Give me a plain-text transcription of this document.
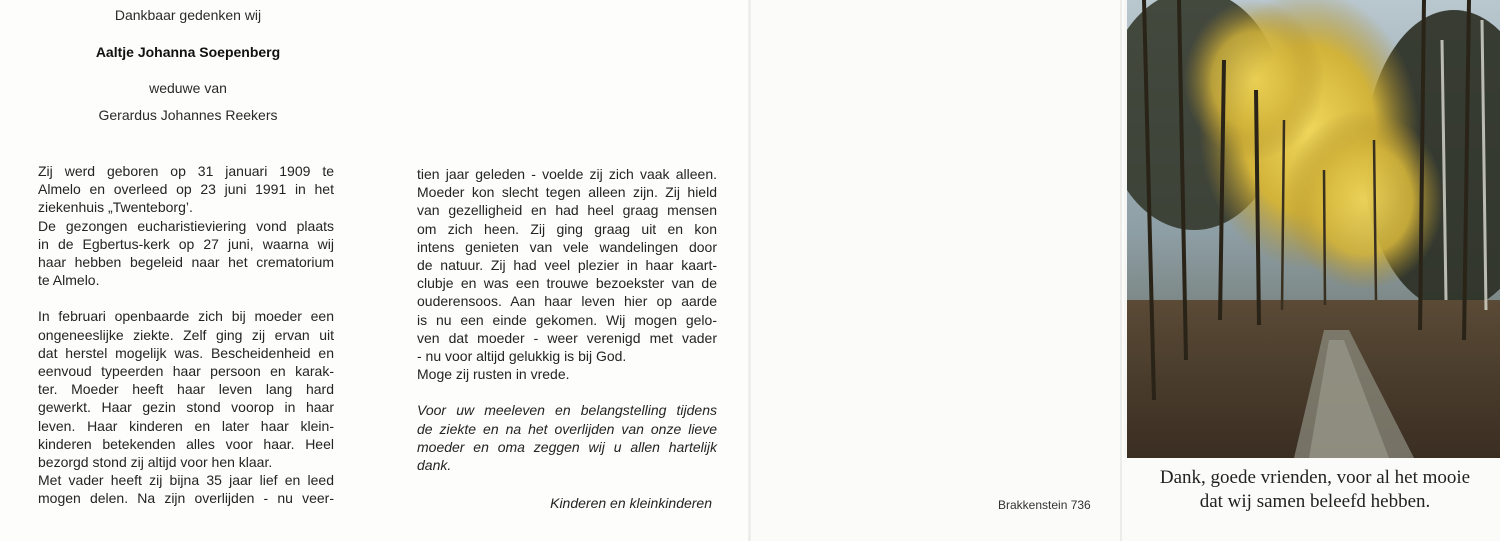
Dankbaar gedenken wij
Aaltje Johanna Soepenberg
weduwe van
Gerardus Johannes Reekers

Zij werd geboren op 31 januari 1909 te

Almelo en overleed op 23 juni 1991 in het

ziekenhuis „Twenteborg’.

De gezongen eucharistieviering vond plaats

in de Egbertus-kerk op 27 juni, waarna wij

haar hebben begeleid naar het crematorium

te Almelo.

In februari openbaarde zich bij moeder een

ongeneeslijke ziekte. Zelf ging zij ervan uit

dat herstel mogelijk was. Bescheidenheid en

eenvoud typeerden haar persoon en karak-

ter. Moeder heeft haar leven lang hard

gewerkt. Haar gezin stond voorop in haar

leven. Haar kinderen en later haar klein-

kinderen betekenden alles voor haar. Heel

bezorgd stond zij altijd voor hen klaar.

Met vader heeft zij bijna 35 jaar lief en leed

mogen delen. Na zijn overlijden - nu veer-

tien jaar geleden - voelde zij zich vaak alleen.

Moeder kon slecht tegen alleen zijn. Zij hield

van gezelligheid en had heel graag mensen

om zich heen. Zij ging graag uit en kon

intens genieten van vele wandelingen door

de natuur. Zij had veel plezier in haar kaart-

clubje en was een trouwe bezoekster van de

ouderensoos. Aan haar leven hier op aarde

is nu een einde gekomen. Wij mogen gelo-

ven dat moeder - weer verenigd met vader

- nu voor altijd gelukkig is bij God.

Moge zij rusten in vrede.

Voor uw meeleven en belangstelling tijdens

de ziekte en na het overlijden van onze lieve

moeder en oma zeggen wij u allen hartelijk

dank.

Kinderen en kleinkinderen	Brakkenstein 736
Dank, goede vrienden, voor al het mooie
dat wij samen beleefd hebben.
